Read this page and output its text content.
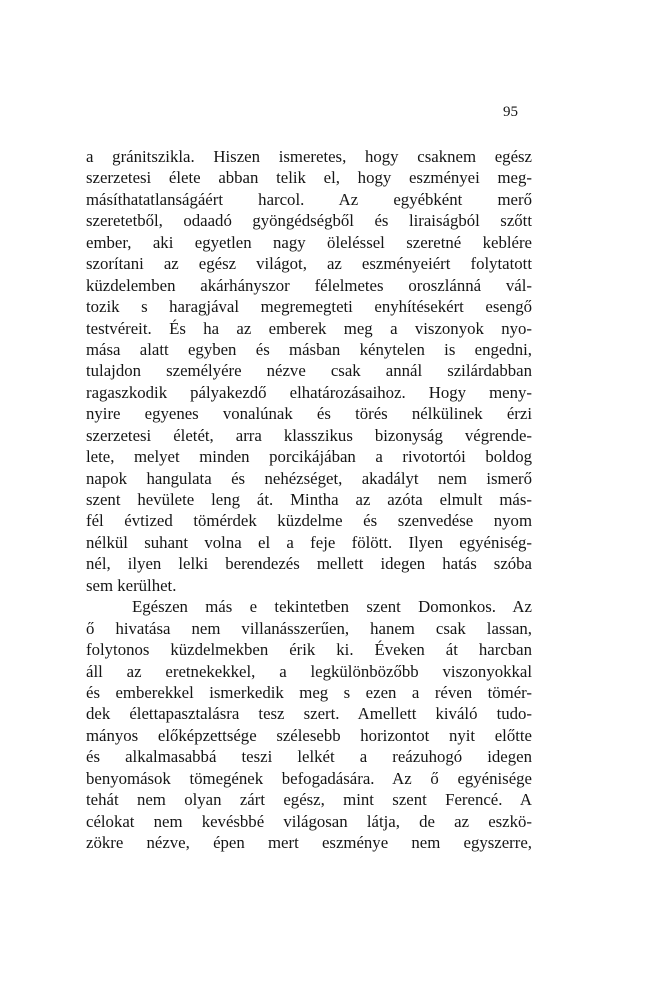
95
a gránitszikla. Hiszen ismeretes, hogy csaknem egész
szerzetesi élete abban telik el, hogy eszményei meg-
másíthatatlanságáért harcol. Az egyébként merő
szeretetből, odaadó gyöngédségből és liraiságból szőtt
ember, aki egyetlen nagy öleléssel szeretné keblére
szorítani az egész világot, az eszményeiért folytatott
küzdelemben akárhányszor félelmetes oroszlánná vál-
tozik s haragjával megremegteti enyhítésekért esengő
testvéreit. És ha az emberek meg a viszonyok nyo-
mása alatt egyben és másban kénytelen is engedni,
tulajdon személyére nézve csak annál szilárdabban
ragaszkodik pályakezdő elhatározásaihoz. Hogy meny-
nyire egyenes vonalúnak és törés nélkülinek érzi
szerzetesi életét, arra klasszikus bizonyság végrende-
lete, melyet minden porcikájában a rivotortói boldog
napok hangulata és nehézséget, akadályt nem ismerő
szent hevülete leng át. Mintha az azóta elmult más-
fél évtized tömérdek küzdelme és szenvedése nyom
nélkül suhant volna el a feje fölött. Ilyen egyéniség-
nél, ilyen lelki berendezés mellett idegen hatás szóba
sem kerülhet.
Egészen más e tekintetben szent Domonkos. Az
ő hivatása nem villanásszerűen, hanem csak lassan,
folytonos küzdelmekben érik ki. Éveken át harcban
áll az eretnekekkel, a legkülönbözőbb viszonyokkal
és emberekkel ismerkedik meg s ezen a réven tömér-
dek élettapasztalásra tesz szert. Amellett kiváló tudo-
mányos előképzettsége szélesebb horizontot nyit előtte
és alkalmasabbá teszi lelkét a reázuhogó idegen
benyomások tömegének befogadására. Az ő egyénisége
tehát nem olyan zárt egész, mint szent Ferencé. A
célokat nem kevésbbé világosan látja, de az eszkö-
zökre nézve, épen mert eszménye nem egyszerre,
